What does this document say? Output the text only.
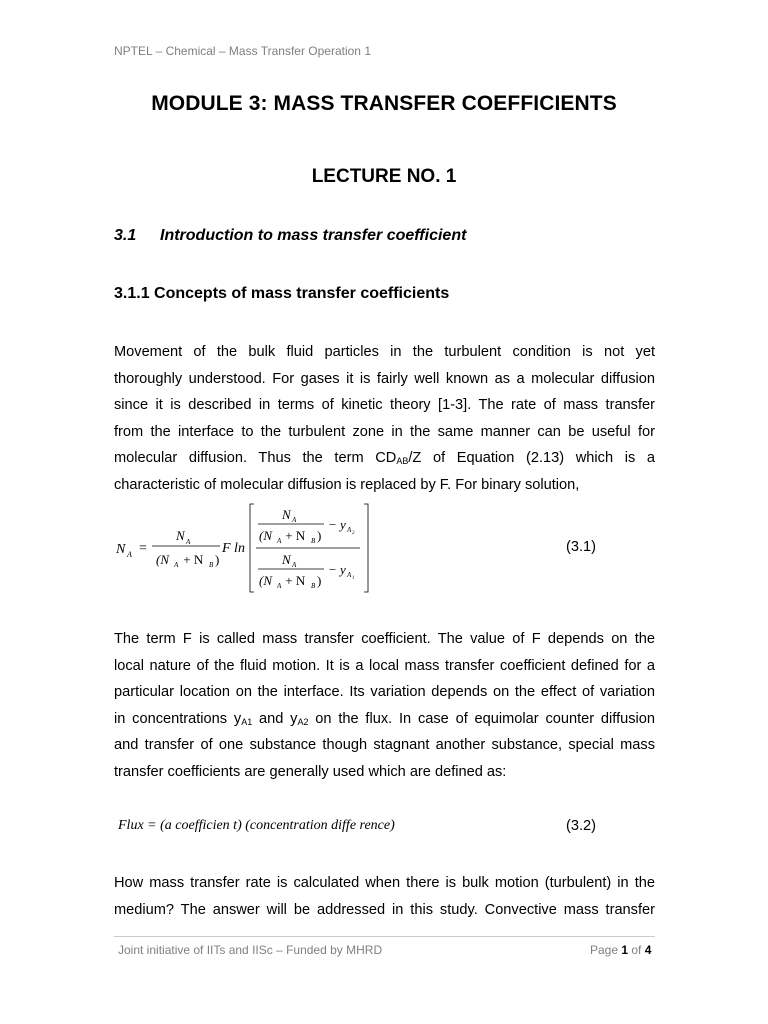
NPTEL – Chemical – Mass Transfer Operation 1
MODULE 3: MASS TRANSFER COEFFICIENTS
LECTURE NO. 1
3.1 Introduction to mass transfer coefficient
3.1.1 Concepts of mass transfer coefficients
Movement of the bulk fluid particles in the turbulent condition is not yet
thoroughly understood. For gases it is fairly well known as a molecular diffusion
since it is described in terms of kinetic theory [1-3]. The rate of mass transfer
from the interface to the turbulent zone in the same manner can be useful for
molecular diffusion. Thus the term $CD_{AB}/Z$ of Equation (2.13) which is a
characteristic of molecular diffusion is replaced by F. For binary solution,
N A =
N A
(N A + N B )
F ln
N A
(N A + N B )
− y A 2
N A
(N A + N B )
− y A 1
(3.1)
The term F is called mass transfer coefficient. The value of F depends on the
local nature of the fluid motion. It is a local mass transfer coefficient defined for a
particular location on the interface. Its variation depends on the effect of variation
in concentrations $y_{A1}$ and $y_{A2}$ on the flux. In case of equimolar counter diffusion
and transfer of one substance though stagnant another substance, special mass
transfer coefficients are generally used which are defined as:
Flux = (a coefficien t) (concentration diffe rence)	(3.2)
How mass transfer rate is calculated when there is bulk motion (turbulent) in the
medium? The answer will be addressed in this study. Convective mass transfer
Joint initiative of IITs and IISc – Funded by MHRD	Page 1 of 4
